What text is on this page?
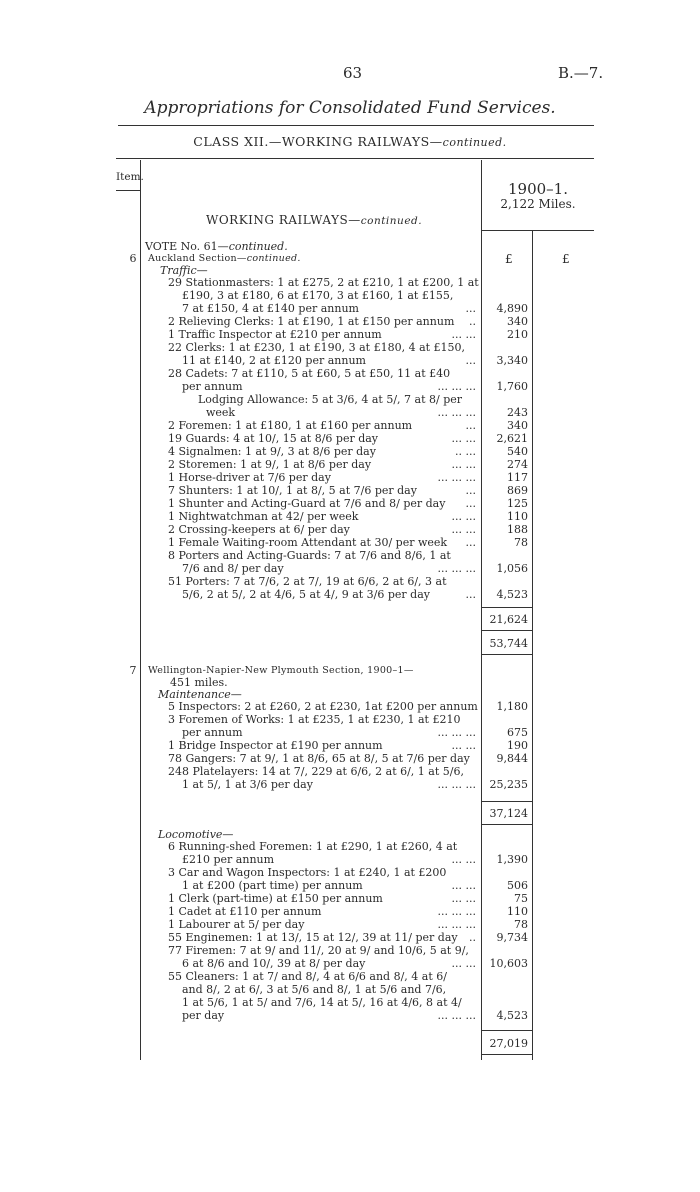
63	B.—7.
Appropriations for Consolidated Fund Services.
CLASS XII.—WORKING RAILWAYS—continued.
Item.
1900–1.
2,122 Miles.
WORKING RAILWAYS—continued.
VOTE No. 61—continued.
6 Auckland Section—continued.	£	£
Traffic—
29 Stationmasters: 1 at £275, 2 at £210, 1 at £200, 1 at
£190, 3 at £180, 6 at £170, 3 at £160, 1 at £155,
7 at £150, 4 at £140 per annum	...	4,890
2 Relieving Clerks: 1 at £190, 1 at £150 per annum	..	340
1 Traffic Inspector at £210 per annum	... ...	210
22 Clerks: 1 at £230, 1 at £190, 3 at £180, 4 at £150,
11 at £140, 2 at £120 per annum	...	3,340
28 Cadets: 7 at £110, 5 at £60, 5 at £50, 11 at £40
per annum	... ... ...	1,760
Lodging Allowance: 5 at 3/6, 4 at 5/, 7 at 8/ per
week	... ... ...	243
2 Foremen: 1 at £180, 1 at £160 per annum	...	340
19 Guards: 4 at 10/, 15 at 8/6 per day	... ...	2,621
4 Signalmen: 1 at 9/, 3 at 8/6 per day	.. ...	540
2 Storemen: 1 at 9/, 1 at 8/6 per day	... ...	274
1 Horse-driver at 7/6 per day	... ... ...	117
7 Shunters: 1 at 10/, 1 at 8/, 5 at 7/6 per day	...	869
1 Shunter and Acting-Guard at 7/6 and 8/ per day	...	125
1 Nightwatchman at 42/ per week	... ...	110
2 Crossing-keepers at 6/ per day	... ...	188
1 Female Waiting-room Attendant at 30/ per week	...	78
8 Porters and Acting-Guards: 7 at 7/6 and 8/6, 1 at
7/6 and 8/ per day	... ... ...	1,056
51 Porters: 7 at 7/6, 2 at 7/, 19 at 6/6, 2 at 6/, 3 at
5/6, 2 at 5/, 2 at 4/6, 5 at 4/, 9 at 3/6 per day	...	4,523
21,624
53,744
7 Wellington-Napier-New Plymouth Section, 1900–1—
451 miles.
Maintenance—
5 Inspectors: 2 at £260, 2 at £230, 1at £200 per annum	1,180
3 Foremen of Works: 1 at £235, 1 at £230, 1 at £210
per annum	... ... ...	675
1 Bridge Inspector at £190 per annum	... ...	190
78 Gangers: 7 at 9/, 1 at 8/6, 65 at 8/, 5 at 7/6 per day	9,844
248 Platelayers: 14 at 7/, 229 at 6/6, 2 at 6/, 1 at 5/6,
1 at 5/, 1 at 3/6 per day	... ... ...	25,235
37,124
Locomotive—
6 Running-shed Foremen: 1 at £290, 1 at £260, 4 at
£210 per annum	... ...	1,390
3 Car and Wagon Inspectors: 1 at £240, 1 at £200
1 at £200 (part time) per annum	... ...	506
1 Clerk (part-time) at £150 per annum	... ...	75
1 Cadet at £110 per annum	... ... ...	110
1 Labourer at 5/ per day	... ... ...	78
55 Enginemen: 1 at 13/, 15 at 12/, 39 at 11/ per day	..	9,734
77 Firemen: 7 at 9/ and 11/, 20 at 9/ and 10/6, 5 at 9/,
6 at 8/6 and 10/, 39 at 8/ per day	... ...	10,603
55 Cleaners: 1 at 7/ and 8/, 4 at 6/6 and 8/, 4 at 6/
and 8/, 2 at 6/, 3 at 5/6 and 8/, 1 at 5/6 and 7/6,
1 at 5/6, 1 at 5/ and 7/6, 14 at 5/, 16 at 4/6, 8 at 4/
per day	... ... ...	4,523
27,019
